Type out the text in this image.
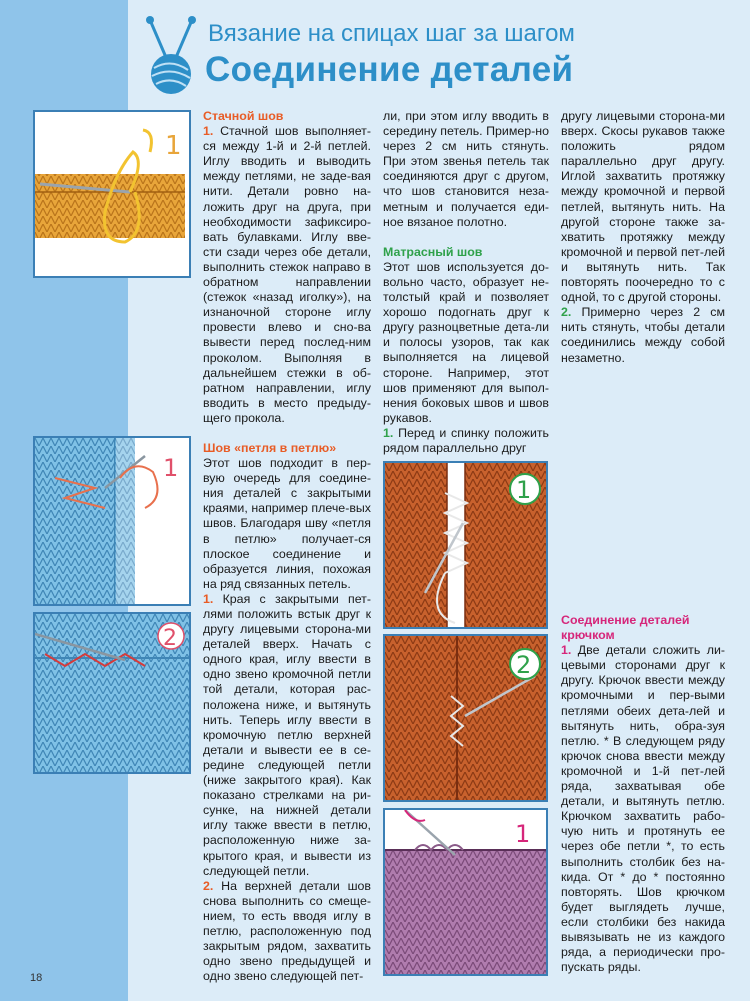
Вязание на спицах шаг за шагом
Соединение деталей
1
1
2
1
2
1
Стачной шов

1. Стачной шов выполняет-ся между 1-й и 2-й петлей. Иглу вводить и выводить между петлями, не заде-вая нити. Детали ровно на-ложить друг на друга, при необходимости зафиксиро-вать булавками. Иглу вве-сти сзади через обе детали, выполнить стежок направо в обратном направлении (стежок «назад иголку»), на изнаночной стороне иглу провести влево и сно-ва вывести перед послед-ним проколом. Выполняя в дальнейшем стежки в об-ратном направлении, иглу вводить в место предыду-щего прокола.

Шов «петля в петлю»

Этот шов подходит в пер-вую очередь для соедине-ния деталей с закрытыми краями, например плече-вых швов. Благодаря шву «петля в петлю» получает-ся плоское соединение и образуется линия, похожая на ряд связанных петель.

1. Края с закрытыми пет-лями положить встык друг к другу лицевыми сторона-ми деталей вверх. Начать с одного края, иглу ввести в одно звено кромочной петли той детали, которая рас-положена ниже, и вытянуть нить. Теперь иглу ввести в кромочную петлю верхней детали и вывести ее в се-редине следующей петли (ниже закрытого края). Как показано стрелками на ри-сунке, на нижней детали иглу также ввести в петлю, расположенную ниже за-крытого края, и вывести из следующей петли.

2. На верхней детали шов снова выполнить со смеще-нием, то есть вводя иглу в петлю, расположенную под закрытым рядом, захватить одно звено предыдущей и одно звено следующей пет-

ли, при этом иглу вводить в середину петель. Пример-но через 2 см нить стянуть. При этом звенья петель так соединяются друг с другом, что шов становится неза-метным и получается еди-ное вязаное полотно.

Матрасный шов

Этот шов используется до-вольно часто, образует не-толстый край и позволяет хорошо подогнать друг к другу разноцветные дета-ли и полосы узоров, так как выполняется на лицевой стороне. Например, этот шов применяют для выпол-нения боковых швов и швов рукавов.

1. Перед и спинку положить рядом параллельно друг

другу лицевыми сторона-ми вверх. Скосы рукавов также положить рядом параллельно друг другу. Иглой захватить протяжку между кромочной и первой петлей, вытянуть нить. На другой стороне также за-хватить протяжку между кромочной и первой пет-лей и вытянуть нить. Так повторять поочередно то с одной, то с другой стороны.

2. Примерно через 2 см нить стянуть, чтобы детали соединились между собой незаметно.

Соединение деталей крючком

1. Две детали сложить ли-цевыми сторонами друг к другу. Крючок ввести между кромочными и пер-выми петлями обеих дета-лей и вытянуть нить, обра-зуя петлю. * В следующем ряду крючок снова ввести между кромочной и 1-й пет-лей ряда, захватывая обе детали, и вытянуть петлю. Крючком захватить рабо-чую нить и протянуть ее через обе петли *, то есть выполнить столбик без на-кида. От * до * постоянно повторять. Шов крючком будет выглядеть лучше, если столбики без накида вывязывать не из каждого ряда, а периодически про-пускать ряды.

18
